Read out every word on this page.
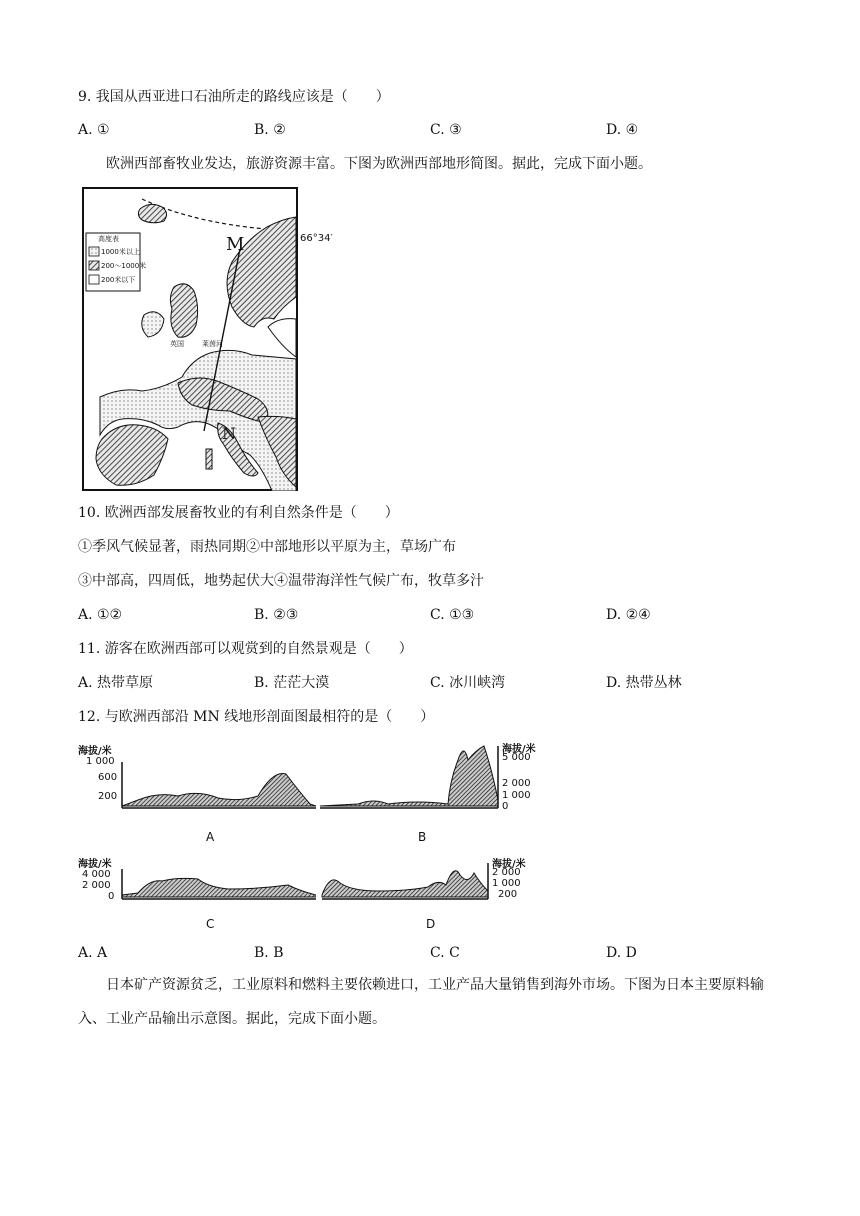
9. 我国从西亚进口石油所走的路线应该是（　　）
A. ①	B. ②	C. ③	D. ④
欧洲西部畜牧业发达，旅游资源丰富。下图为欧洲西部地形简图。据此，完成下面小题。
高度表
1000米以上
200～1000米
200米以下
M
N
66°34′
英国	莱茵河
10. 欧洲西部发展畜牧业的有利自然条件是（　　）
①季风气候显著，雨热同期②中部地形以平原为主，草场广布
③中部高，四周低，地势起伏大④温带海洋性气候广布，牧草多汁
A. ①②	B. ②③	C. ①③	D. ②④
11. 游客在欧洲西部可以观赏到的自然景观是（　　）
A. 热带草原	B. 茫茫大漠	C. 冰川峡湾	D. 热带丛林
12. 与欧洲西部沿 MN 线地形剖面图最相符的是（　　）
海拔/米
1 000
600
200
A
海拔/米
5 000
2 000
1 000
0
B
海拔/米
4 000
2 000
0
C
海拔/米
2 000
1 000
200
D
A. A	B. B	C. C	D. D
日本矿产资源贫乏，工业原料和燃料主要依赖进口，工业产品大量销售到海外市场。下图为日本主要原料输入、工业产品输出示意图。据此，完成下面小题。
